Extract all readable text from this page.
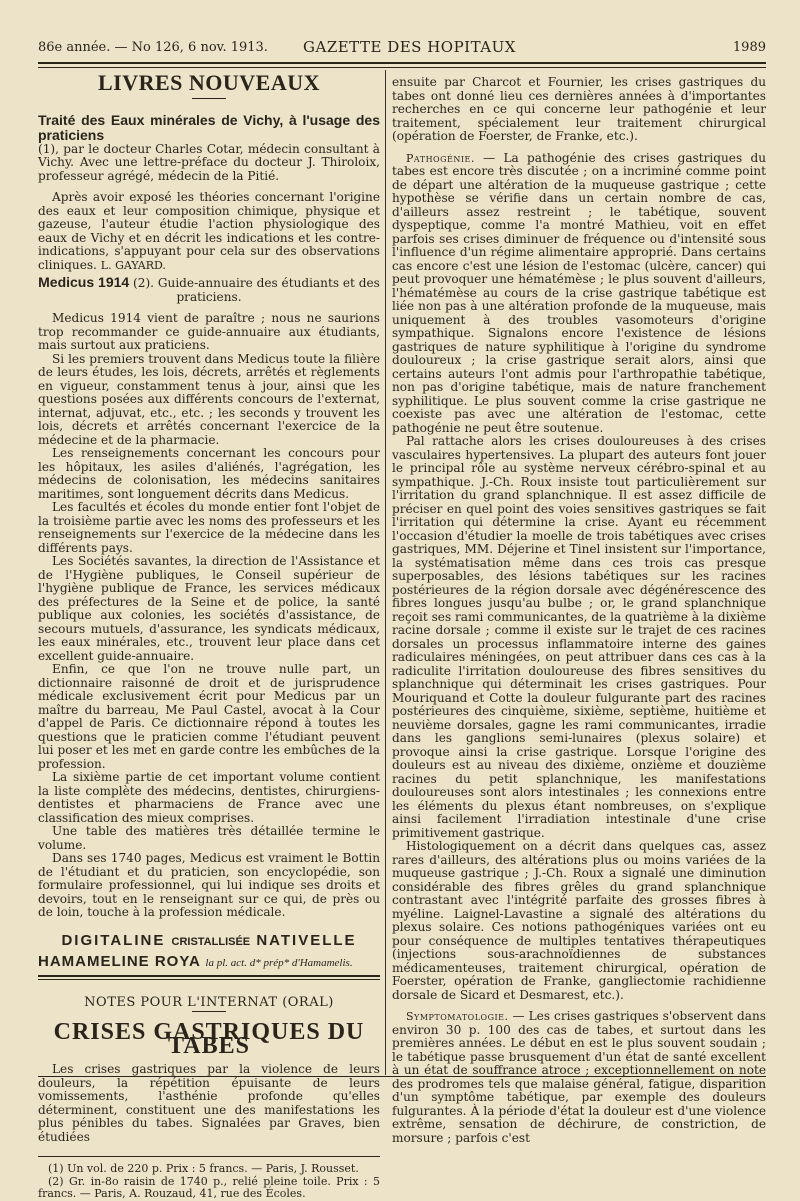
86e année. — No 126, 6 nov. 1913. GAZETTE DES HOPITAUX	1989
LIVRES NOUVEAUX

Traité des Eaux minérales de Vichy, à l'usage des praticiens

(1), par le docteur Charles Cotar, médecin consultant à Vichy. Avec une lettre-préface du docteur J. Thiroloix, professeur agrégé, médecin de la Pitié.

Après avoir exposé les théories concernant l'origine des eaux et leur composition chimique, physique et gazeuse, l'auteur étudie l'action physiologique des eaux de Vichy et en décrit les indications et les contre-indications, s'appuyant pour cela sur des observations cliniques. L. GAYARD.

Medicus 1914 (2). Guide-annuaire des étudiants et des praticiens.

Medicus 1914 vient de paraître ; nous ne saurions trop recommander ce guide-annuaire aux étudiants, mais surtout aux praticiens.

Si les premiers trouvent dans Medicus toute la filière de leurs études, les lois, décrets, arrêtés et règlements en vigueur, constamment tenus à jour, ainsi que les questions posées aux différents concours de l'externat, internat, adjuvat, etc., etc. ; les seconds y trouvent les lois, décrets et arrêtés concernant l'exercice de la médecine et de la pharmacie.

Les renseignements concernant les concours pour les hôpitaux, les asiles d'aliénés, l'agrégation, les médecins de colonisation, les médecins sanitaires maritimes, sont longuement décrits dans Medicus.

Les facultés et écoles du monde entier font l'objet de la troisième partie avec les noms des professeurs et les renseignements sur l'exercice de la médecine dans les différents pays.

Les Sociétés savantes, la direction de l'Assistance et de l'Hygiène publiques, le Conseil supérieur de l'hygiène publique de France, les services médicaux des préfectures de la Seine et de police, la santé publique aux colonies, les sociétés d'assistance, de secours mutuels, d'assurance, les syndicats médicaux, les eaux minérales, etc., trouvent leur place dans cet excellent guide-annuaire.

Enfin, ce que l'on ne trouve nulle part, un dictionnaire raisonné de droit et de jurisprudence médicale exclusivement écrit pour Medicus par un maître du barreau, Me Paul Castel, avocat à la Cour d'appel de Paris. Ce dictionnaire répond à toutes les questions que le praticien comme l'étudiant peuvent lui poser et les met en garde contre les embûches de la profession.

La sixième partie de cet important volume contient la liste complète des médecins, dentistes, chirurgiens-dentistes et pharmaciens de France avec une classification des mieux comprises.

Une table des matières très détaillée termine le volume.

Dans ses 1740 pages, Medicus est vraiment le Bottin de l'étudiant et du praticien, son encyclopédie, son formulaire professionnel, qui lui indique ses droits et devoirs, tout en le renseignant sur ce qui, de près ou de loin, touche à la profession médicale.

DIGITALINE CRISTALLISÉE NATIVELLE

HAMAMELINE ROYA la pl. act. d* prép* d'Hamamelis.

NOTES POUR L'INTERNAT (ORAL)

CRISES GASTRIQUES DU TABES

Les crises gastriques par la violence de leurs douleurs, la répétition épuisante de leurs vomissements, l'asthénie profonde qu'elles déterminent, constituent une des manifestations les plus pénibles du tabes. Signalées par Graves, bien étudiées

(1) Un vol. de 220 p. Prix : 5 francs. — Paris, J. Rousset.

(2) Gr. in-8o raisin de 1740 p., relié pleine toile. Prix : 5 francs. — Paris, A. Rouzaud, 41, rue des Écoles.

ensuite par Charcot et Fournier, les crises gastriques du tabes ont donné lieu ces dernières années à d'importantes recherches en ce qui concerne leur pathogénie et leur traitement, spécialement leur traitement chirurgical (opération de Foerster, de Franke, etc.).

Pathogénie. — La pathogénie des crises gastriques du tabes est encore très discutée ; on a incriminé comme point de départ une altération de la muqueuse gastrique ; cette hypothèse se vérifie dans un certain nombre de cas, d'ailleurs assez restreint ; le tabétique, souvent dyspeptique, comme l'a montré Mathieu, voit en effet parfois ses crises diminuer de fréquence ou d'intensité sous l'influence d'un régime alimentaire approprié. Dans certains cas encore c'est une lésion de l'estomac (ulcère, cancer) qui peut provoquer une hématémèse ; le plus souvent d'ailleurs, l'hématémèse au cours de la crise gastrique tabétique est liée non pas à une altération profonde de la muqueuse, mais uniquement à des troubles vasomoteurs d'origine sympathique. Signalons encore l'existence de lésions gastriques de nature syphilitique à l'origine du syndrome douloureux ; la crise gastrique serait alors, ainsi que certains auteurs l'ont admis pour l'arthropathie tabétique, non pas d'origine tabétique, mais de nature franchement syphilitique. Le plus souvent comme la crise gastrique ne coexiste pas avec une altération de l'estomac, cette pathogénie ne peut être soutenue.

Pal rattache alors les crises douloureuses à des crises vasculaires hypertensives. La plupart des auteurs font jouer le principal rôle au système nerveux cérébro-spinal et au sympathique. J.-Ch. Roux insiste tout particulièrement sur l'irritation du grand splanchnique. Il est assez difficile de préciser en quel point des voies sensitives gastriques se fait l'irritation qui détermine la crise. Ayant eu récemment l'occasion d'étudier la moelle de trois tabétiques avec crises gastriques, MM. Déjerine et Tinel insistent sur l'importance, la systématisation même dans ces trois cas presque superposables, des lésions tabétiques sur les racines postérieures de la région dorsale avec dégénérescence des fibres longues jusqu'au bulbe ; or, le grand splanchnique reçoit ses rami communicantes, de la quatrième à la dixième racine dorsale ; comme il existe sur le trajet de ces racines dorsales un processus inflammatoire interne des gaines radiculaires méningées, on peut attribuer dans ces cas à la radiculite l'irritation douloureuse des fibres sensitives du splanchnique qui déterminait les crises gastriques. Pour Mouriquand et Cotte la douleur fulgurante part des racines postérieures des cinquième, sixième, septième, huitième et neuvième dorsales, gagne les rami communicantes, irradie dans les ganglions semi-lunaires (plexus solaire) et provoque ainsi la crise gastrique. Lorsque l'origine des douleurs est au niveau des dixième, onzième et douzième racines du petit splanchnique, les manifestations douloureuses sont alors intestinales ; les connexions entre les éléments du plexus étant nombreuses, on s'explique ainsi facilement l'irradiation intestinale d'une crise primitivement gastrique.

Histologiquement on a décrit dans quelques cas, assez rares d'ailleurs, des altérations plus ou moins variées de la muqueuse gastrique ; J.-Ch. Roux a signalé une diminution considérable des fibres grêles du grand splanchnique contrastant avec l'intégrité parfaite des grosses fibres à myéline. Laignel-Lavastine a signalé des altérations du plexus solaire. Ces notions pathogéniques variées ont eu pour conséquence de multiples tentatives thérapeutiques (injections sous-arachnoïdiennes de substances médicamenteuses, traitement chirurgical, opération de Foerster, opération de Franke, gangliectomie rachidienne dorsale de Sicard et Desmarest, etc.).

Symptomatologie. — Les crises gastriques s'observent dans environ 30 p. 100 des cas de tabes, et surtout dans les premières années. Le début en est le plus souvent soudain ; le tabétique passe brusquement d'un état de santé excellent à un état de souffrance atroce ; exceptionnellement on note des prodromes tels que malaise général, fatigue, disparition d'un symptôme tabétique, par exemple des douleurs fulgurantes. À la période d'état la douleur est d'une violence extrême, sensation de déchirure, de constriction, de morsure ; parfois c'est
